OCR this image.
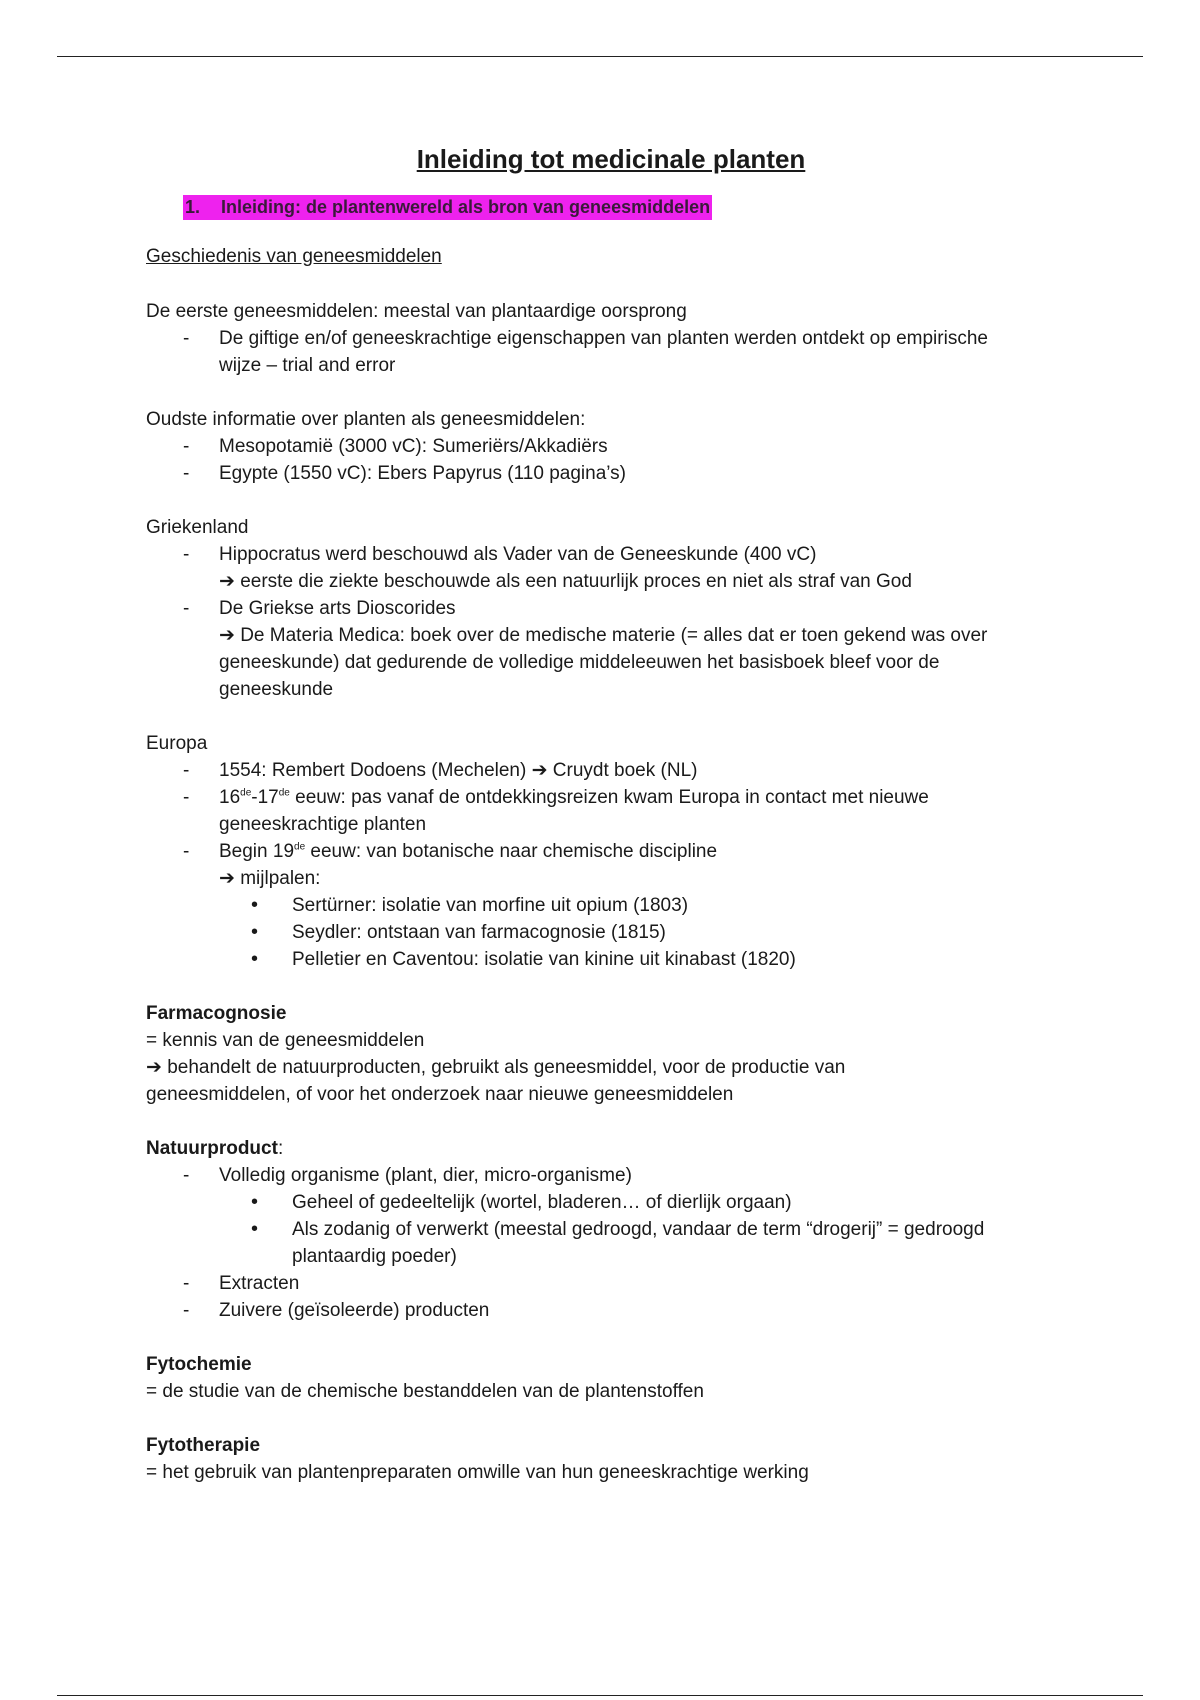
Inleiding tot medicinale planten
1. Inleiding: de plantenwereld als bron van geneesmiddelen
Geschiedenis van geneesmiddelen
De eerste geneesmiddelen: meestal van plantaardige oorsprong
- De giftige en/of geneeskrachtige eigenschappen van planten werden ontdekt op empirische wijze – trial and error
Oudste informatie over planten als geneesmiddelen:
- Mesopotamië (3000 vC): Sumeriërs/Akkadiërs
- Egypte (1550 vC): Ebers Papyrus (110 pagina’s)
Griekenland
- Hippocratus werd beschouwd als Vader van de Geneeskunde (400 vC)
➔ eerste die ziekte beschouwde als een natuurlijk proces en niet als straf van God
- De Griekse arts Dioscorides
➔ De Materia Medica: boek over de medische materie (= alles dat er toen gekend was over geneeskunde) dat gedurende de volledige middeleeuwen het basisboek bleef voor de geneeskunde
Europa
- 1554: Rembert Dodoens (Mechelen) ➔ Cruydt boek (NL)
- 16de-17de eeuw: pas vanaf de ontdekkingsreizen kwam Europa in contact met nieuwe geneeskrachtige planten
- Begin 19de eeuw: van botanische naar chemische discipline
➔ mijlpalen:
• Sertürner: isolatie van morfine uit opium (1803)
• Seydler: ontstaan van farmacognosie (1815)
• Pelletier en Caventou: isolatie van kinine uit kinabast (1820)
Farmacognosie
= kennis van de geneesmiddelen
➔ behandelt de natuurproducten, gebruikt als geneesmiddel, voor de productie van geneesmiddelen, of voor het onderzoek naar nieuwe geneesmiddelen
Natuurproduct:
- Volledig organisme (plant, dier, micro-organisme)
• Geheel of gedeeltelijk (wortel, bladeren… of dierlijk orgaan)
• Als zodanig of verwerkt (meestal gedroogd, vandaar de term “drogerij” = gedroogd plantaardig poeder)
- Extracten
- Zuivere (geïsoleerde) producten
Fytochemie
= de studie van de chemische bestanddelen van de plantenstoffen
Fytotherapie
= het gebruik van plantenpreparaten omwille van hun geneeskrachtige werking
